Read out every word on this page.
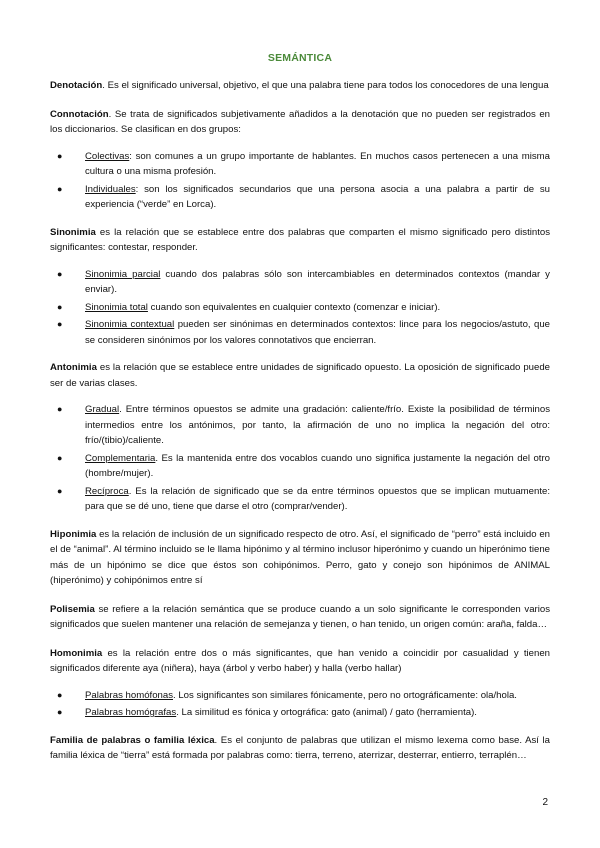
SEMÁNTICA

Denotación. Es el significado universal, objetivo, el que una palabra tiene para todos los conocedores de una lengua

Connotación. Se trata de significados subjetivamente añadidos a la denotación que no pueden ser registrados en los diccionarios. Se clasifican en dos grupos:

● Colectivas: son comunes a un grupo importante de hablantes. En muchos casos pertenecen a una misma cultura o una misma profesión.
● Individuales: son los significados secundarios que una persona asocia a una palabra a partir de su experiencia (“verde” en Lorca).

Sinonimia es la relación que se establece entre dos palabras que comparten el mismo significado pero distintos significantes: contestar, responder.

● Sinonimia parcial cuando dos palabras sólo son intercambiables en determinados contextos (mandar y enviar).
● Sinonimia total cuando son equivalentes en cualquier contexto (comenzar e iniciar).
● Sinonimia contextual pueden ser sinónimas en determinados contextos: lince para los negocios/astuto, que se consideren sinónimos por los valores connotativos que encierran.

Antonimia es la relación que se establece entre unidades de significado opuesto. La oposición de significado puede ser de varias clases.

● Gradual. Entre términos opuestos se admite una gradación: caliente/frío. Existe la posibilidad de términos intermedios entre los antónimos, por tanto, la afirmación de uno no implica la negación del otro: frío/(tibio)/caliente.
● Complementaria. Es la mantenida entre dos vocablos cuando uno significa justamente la negación del otro (hombre/mujer).
● Recíproca. Es la relación de significado que se da entre términos opuestos que se implican mutuamente: para que se dé uno, tiene que darse el otro (comprar/vender).

Hiponimia es la relación de inclusión de un significado respecto de otro. Así, el significado de “perro” está incluido en el de “animal”. Al término incluido se le llama hipónimo y al término inclusor hiperónimo y cuando un hiperónimo tiene más de un hipónimo se dice que éstos son cohipónimos. Perro, gato y conejo son hipónimos de ANIMAL (hiperónimo) y cohipónimos entre sí

Polisemia se refiere a la relación semántica que se produce cuando a un solo significante le corresponden varios significados que suelen mantener una relación de semejanza y tienen, o han tenido, un origen común: araña, falda…

Homonimia es la relación entre dos o más significantes, que han venido a coincidir por casualidad y tienen significados diferente aya (niñera), haya (árbol y verbo haber) y halla (verbo hallar)

● Palabras homófonas. Los significantes son similares fónicamente, pero no ortográficamente: ola/hola.
● Palabras homógrafas. La similitud es fónica y ortográfica: gato (animal) / gato (herramienta).

Familia de palabras o familia léxica. Es el conjunto de palabras que utilizan el mismo lexema como base. Así la familia léxica de “tierra” está formada por palabras como: tierra, terreno, aterrizar, desterrar, entierro, terraplén…

2
